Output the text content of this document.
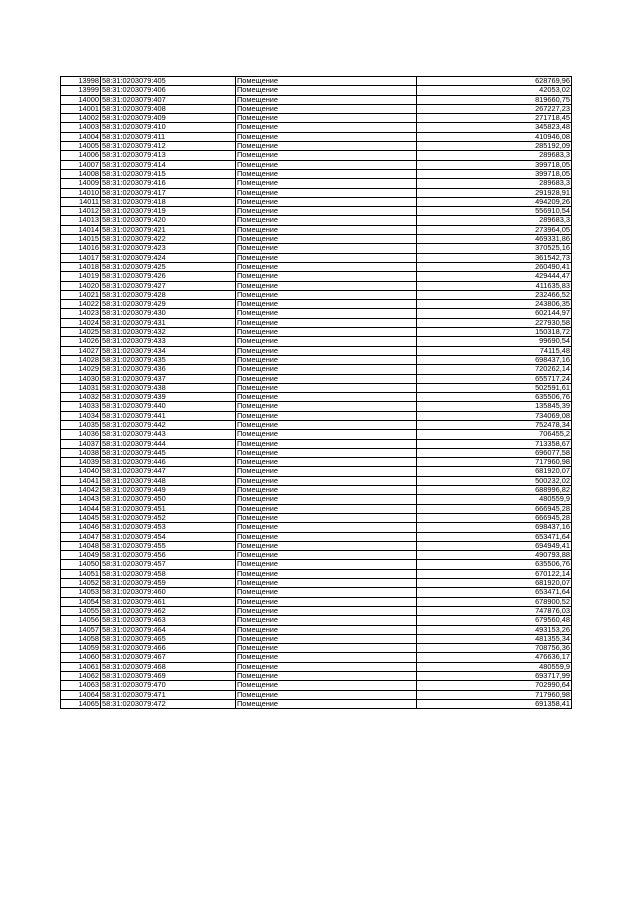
13998	58:31:0203079:405	Помещение	628769,96
13999	58:31:0203079:406	Помещение	42053,02
14000	58:31:0203079:407	Помещение	819660,75
14001	58:31:0203079:408	Помещение	267227,23
14002	58:31:0203079:409	Помещение	271718,45
14003	58:31:0203079:410	Помещение	345823,48
14004	58:31:0203079:411	Помещение	410946,08
14005	58:31:0203079:412	Помещение	285192,09
14006	58:31:0203079:413	Помещение	289683,3
14007	58:31:0203079:414	Помещение	399718,05
14008	58:31:0203079:415	Помещение	399718,05
14009	58:31:0203079:416	Помещение	289683,3
14010	58:31:0203079:417	Помещение	291928,91
14011	58:31:0203079:418	Помещение	494209,26
14012	58:31:0203079:419	Помещение	556910,54
14013	58:31:0203079:420	Помещение	289683,3
14014	58:31:0203079:421	Помещение	273964,05
14015	58:31:0203079:422	Помещение	469331,86
14016	58:31:0203079:423	Помещение	370525,16
14017	58:31:0203079:424	Помещение	361542,73
14018	58:31:0203079:425	Помещение	260490,41
14019	58:31:0203079:426	Помещение	429444,47
14020	58:31:0203079:427	Помещение	411635,83
14021	58:31:0203079:428	Помещение	232466,52
14022	58:31:0203079:429	Помещение	243806,35
14023	58:31:0203079:430	Помещение	602144,97
14024	58:31:0203079:431	Помещение	227930,58
14025	58:31:0203079:432	Помещение	150318,72
14026	58:31:0203079:433	Помещение	99690,54
14027	58:31:0203079:434	Помещение	74115,48
14028	58:31:0203079:435	Помещение	698437,16
14029	58:31:0203079:436	Помещение	720262,14
14030	58:31:0203079:437	Помещение	655717,24
14031	58:31:0203079:438	Помещение	502591,61
14032	58:31:0203079:439	Помещение	635506,76
14033	58:31:0203079:440	Помещение	135845,39
14034	58:31:0203079:441	Помещение	734069,08
14035	58:31:0203079:442	Помещение	752478,34
14036	58:31:0203079:443	Помещение	706455,2
14037	58:31:0203079:444	Помещение	713358,67
14038	58:31:0203079:445	Помещение	696077,58
14039	58:31:0203079:446	Помещение	717960,98
14040	58:31:0203079:447	Помещение	681920,07
14041	58:31:0203079:448	Помещение	500232,02
14042	58:31:0203079:449	Помещение	688996,82
14043	58:31:0203079:450	Помещение	480559,9
14044	58:31:0203079:451	Помещение	666945,28
14045	58:31:0203079:452	Помещение	666945,28
14046	58:31:0203079:453	Помещение	698437,16
14047	58:31:0203079:454	Помещение	653471,64
14048	58:31:0203079:455	Помещение	694949,41
14049	58:31:0203079:456	Помещение	490793,88
14050	58:31:0203079:457	Помещение	635506,76
14051	58:31:0203079:458	Помещение	670122,14
14052	58:31:0203079:459	Помещение	681920,07
14053	58:31:0203079:460	Помещение	653471,64
14054	58:31:0203079:461	Помещение	678900,52
14055	58:31:0203079:462	Помещение	747876,03
14056	58:31:0203079:463	Помещение	679560,48
14057	58:31:0203079:464	Помещение	493153,26
14058	58:31:0203079:465	Помещение	481355,34
14059	58:31:0203079:466	Помещение	708756,36
14060	58:31:0203079:467	Помещение	476636,17
14061	58:31:0203079:468	Помещение	480559,9
14062	58:31:0203079:469	Помещение	693717,99
14063	58:31:0203079:470	Помещение	702990,64
14064	58:31:0203079:471	Помещение	717960,98
14065	58:31:0203079:472	Помещение	691358,41
